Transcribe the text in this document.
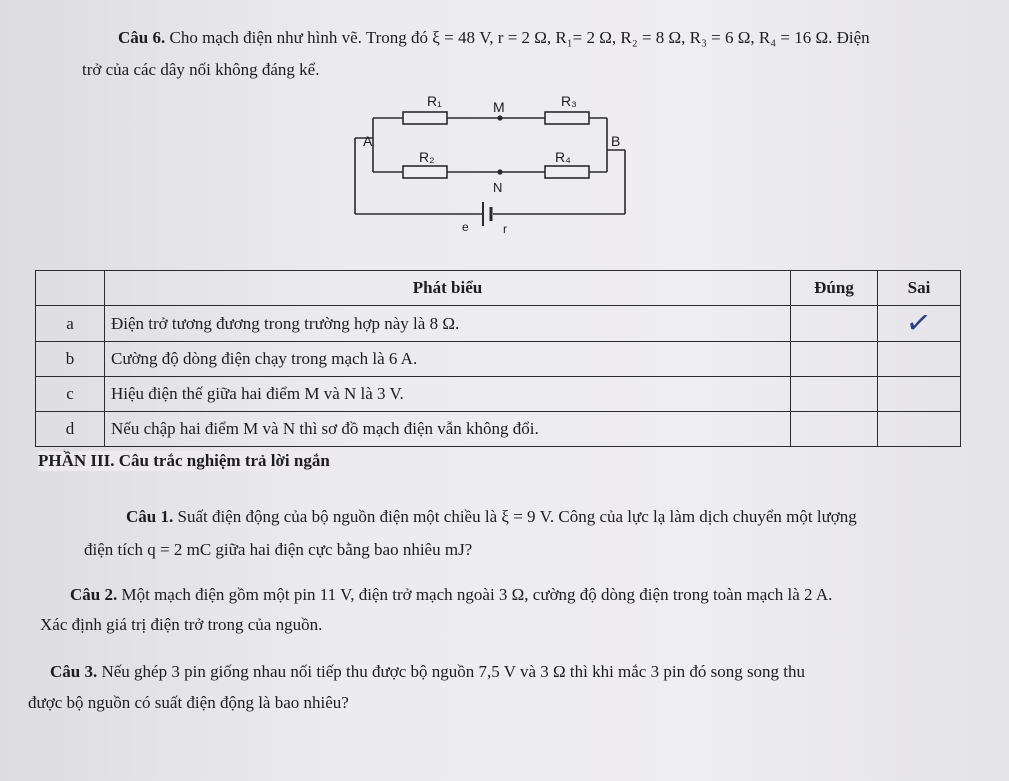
Câu 6. Cho mạch điện như hình vẽ. Trong đó ξ = 48 V, r = 2 Ω, R₁= 2 Ω, R₂ = 8 Ω, R₃ = 6 Ω, R₄ = 16 Ω. Điện
trở của các dây nối không đáng kể.
R₁	M	R₃
A	B
R₂	R₄
N
e	r
	Phát biểu	Đúng	Sai
a	Điện trở tương đương trong trường hợp này là 8 Ω.		✓
b	Cường độ dòng điện chạy trong mạch là 6 A.		
c	Hiệu điện thế giữa hai điểm M và N là 3 V.		
d	Nếu chập hai điểm M và N thì sơ đồ mạch điện vẫn không đổi.		
PHẦN III. Câu trắc nghiệm trả lời ngắn
Câu 1. Suất điện động của bộ nguồn điện một chiều là ξ = 9 V. Công của lực lạ làm dịch chuyển một lượng
điện tích q = 2 mC giữa hai điện cực bằng bao nhiêu mJ?
Câu 2. Một mạch điện gồm một pin 11 V, điện trở mạch ngoài 3 Ω, cường độ dòng điện trong toàn mạch là 2 A.
Xác định giá trị điện trở trong của nguồn.
Câu 3. Nếu ghép 3 pin giống nhau nối tiếp thu được bộ nguồn 7,5 V và 3 Ω thì khi mắc 3 pin đó song song thu
được bộ nguồn có suất điện động là bao nhiêu?
